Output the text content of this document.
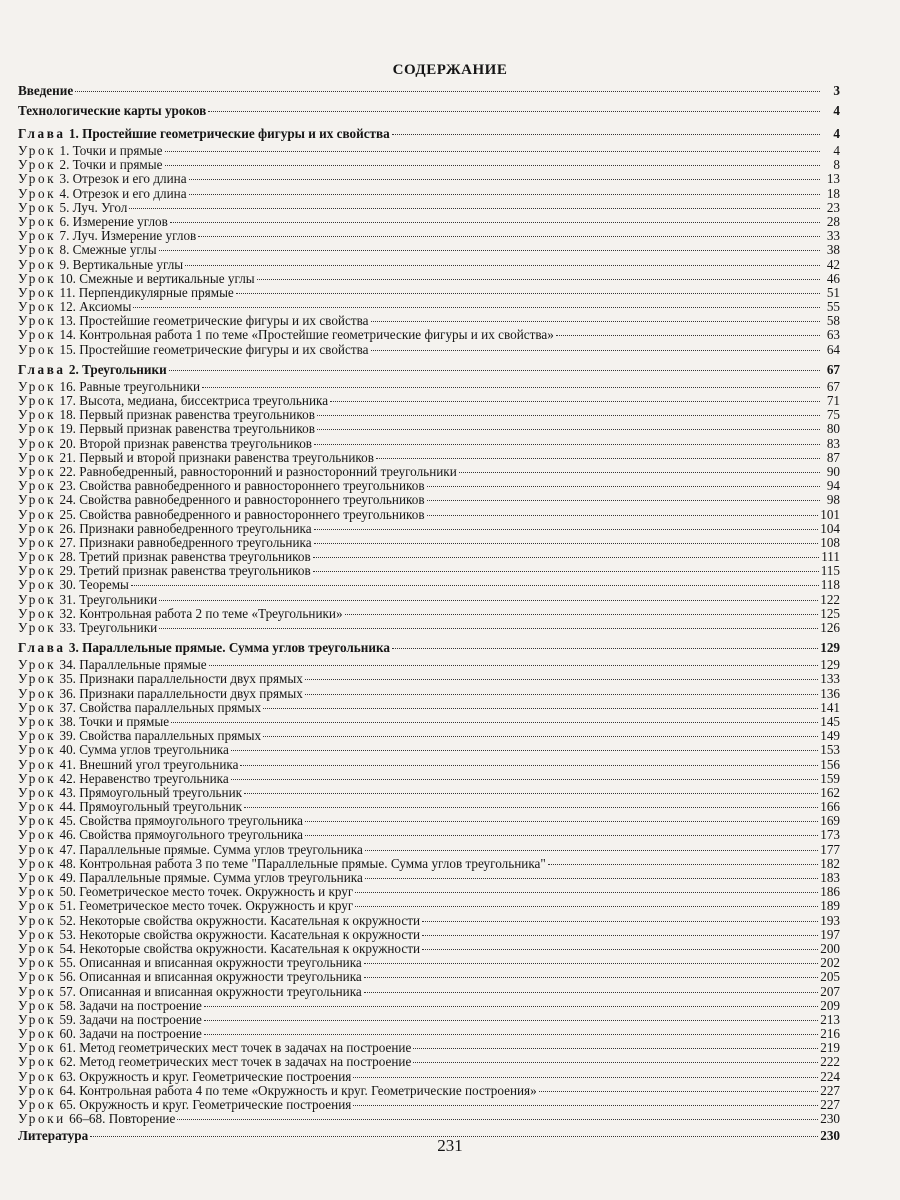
СОДЕРЖАНИЕ
Введение	3
Технологические карты уроков	4
Глава 1. Простейшие геометрические фигуры и их свойства	4
Урок 1. Точки и прямые	4
Урок 2. Точки и прямые	8
Урок 3. Отрезок и его длина	13
Урок 4. Отрезок и его длина	18
Урок 5. Луч. Угол	23
Урок 6. Измерение углов	28
Урок 7. Луч. Измерение углов	33
Урок 8. Смежные углы	38
Урок 9. Вертикальные углы	42
Урок 10. Смежные и вертикальные углы	46
Урок 11. Перпендикулярные прямые	51
Урок 12. Аксиомы	55
Урок 13. Простейшие геометрические фигуры и их свойства	58
Урок 14. Контрольная работа 1 по теме «Простейшие геометрические фигуры и их свойства»	63
Урок 15. Простейшие геометрические фигуры и их свойства	64
Глава 2. Треугольники	67
Урок 16. Равные треугольники	67
Урок 17. Высота, медиана, биссектриса треугольника	71
Урок 18. Первый признак равенства треугольников	75
Урок 19. Первый признак равенства треугольников	80
Урок 20. Второй признак равенства треугольников	83
Урок 21. Первый и второй признаки равенства треугольников	87
Урок 22. Равнобедренный, равносторонний и разносторонний треугольники	90
Урок 23. Свойства равнобедренного и равностороннего треугольников	94
Урок 24. Свойства равнобедренного и равностороннего треугольников	98
Урок 25. Свойства равнобедренного и равностороннего треугольников	101
Урок 26. Признаки равнобедренного треугольника	104
Урок 27. Признаки равнобедренного треугольника	108
Урок 28. Третий признак равенства треугольников	111
Урок 29. Третий признак равенства треугольников	115
Урок 30. Теоремы	118
Урок 31. Треугольники	122
Урок 32. Контрольная работа 2 по теме «Треугольники»	125
Урок 33. Треугольники	126
Глава 3. Параллельные прямые. Сумма углов треугольника	129
Урок 34. Параллельные прямые	129
Урок 35. Признаки параллельности двух прямых	133
Урок 36. Признаки параллельности двух прямых	136
Урок 37. Свойства параллельных прямых	141
Урок 38. Точки и прямые	145
Урок 39. Свойства параллельных прямых	149
Урок 40. Сумма углов треугольника	153
Урок 41. Внешний угол треугольника	156
Урок 42. Неравенство треугольника	159
Урок 43. Прямоугольный треугольник	162
Урок 44. Прямоугольный треугольник	166
Урок 45. Свойства прямоугольного треугольника	169
Урок 46. Свойства прямоугольного треугольника	173
Урок 47. Параллельные прямые. Сумма углов треугольника	177
Урок 48. Контрольная работа 3 по теме "Параллельные прямые. Сумма углов треугольника"	182
Урок 49. Параллельные прямые. Сумма углов треугольника	183
Урок 50. Геометрическое место точек. Окружность и круг	186
Урок 51. Геометрическое место точек. Окружность и круг	189
Урок 52. Некоторые свойства окружности. Касательная к окружности	193
Урок 53. Некоторые свойства окружности. Касательная к окружности	197
Урок 54. Некоторые свойства окружности. Касательная к окружности	200
Урок 55. Описанная и вписанная окружности треугольника	202
Урок 56. Описанная и вписанная окружности треугольника	205
Урок 57. Описанная и вписанная окружности треугольника	207
Урок 58. Задачи на построение	209
Урок 59. Задачи на построение	213
Урок 60. Задачи на построение	216
Урок 61. Метод геометрических мест точек в задачах на построение	219
Урок 62. Метод геометрических мест точек в задачах на построение	222
Урок 63. Окружность и круг. Геометрические построения	224
Урок 64. Контрольная работа 4 по теме «Окружность и круг. Геометрические построения»	227
Урок 65. Окружность и круг. Геометрические построения	227
Уроки 66–68. Повторение	230
Литература	230
231
